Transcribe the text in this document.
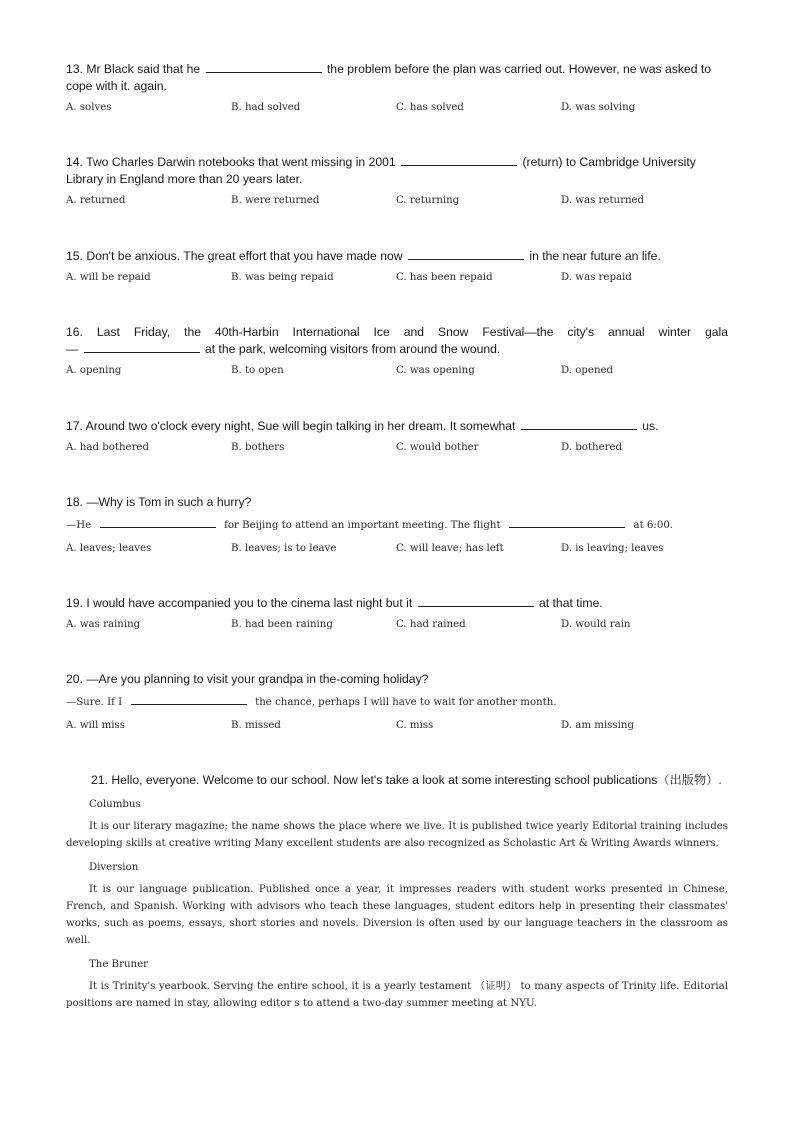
13. Mr Black said that he	the problem before the plan was carried out. However, ne was asked to cope with it. again.

A. solves	B. had solved	C. has solved	D. was solving

14. Two Charles Darwin notebooks that went missing in 2001	(return) to Cambridge University Library in England more than 20 years later.

A. returned	B. were returned	C. returning	D. was returned

15. Don't be anxious. The great effort that you have made now	in the near future an life.

A. will be repaid	B. was being repaid	C. has been repaid	D. was repaid

16. Last Friday, the 40th-Harbin International Ice and Snow Festival—the city's annual winter gala

—	at the park, welcoming visitors from around the wound.

A. opening	B. to open	C. was opening	D. opened

17. Around two o'clock every night, Sue will begin talking in her dream. It somewhat	us.

A. had bothered	B. bothers	C. would bother	D. bothered

18. —Why is Tom in such a hurry?

—He	for Beijing to attend an important meeting. The flight	at 6:00.
A. leaves; leaves	B. leaves; is to leave	C. will leave; has left	D. is leaving; leaves

19. I would have accompanied you to the cinema last night but it	at that time.

A. was raining	B. had been raining	C. had rained	D. would rain

20. —Are you planning to visit your grandpa in the-coming holiday?

—Sure. If I	the chance, perhaps I will have to wait for another month.
A. will miss	B. missed	C. miss	D. am missing

21. Hello, everyone. Welcome to our school. Now let's take a look at some interesting school publications（出版物）.

Columbus

It is our literary magazine; the name shows the place where we live. It is published twice yearly Editorial training includes developing skills at creative writing Many excellent students are also recognized as Scholastic Art & Writing Awards winners.

Diversion

It is our language publication. Published once a year, it impresses readers with student works presented in Chinese, French, and Spanish. Working with advisors who teach these languages, student editors help in presenting their classmates' works, such as poems, essays, short stories and novels. Diversion is often used by our language teachers in the classroom as well.

The Bruner

It is Trinity's yearbook. Serving the entire school, it is a yearly testament （证明） to many aspects of Trinity life. Editorial positions are named in stay, allowing editor s to attend a two-day summer meeting at NYU.
